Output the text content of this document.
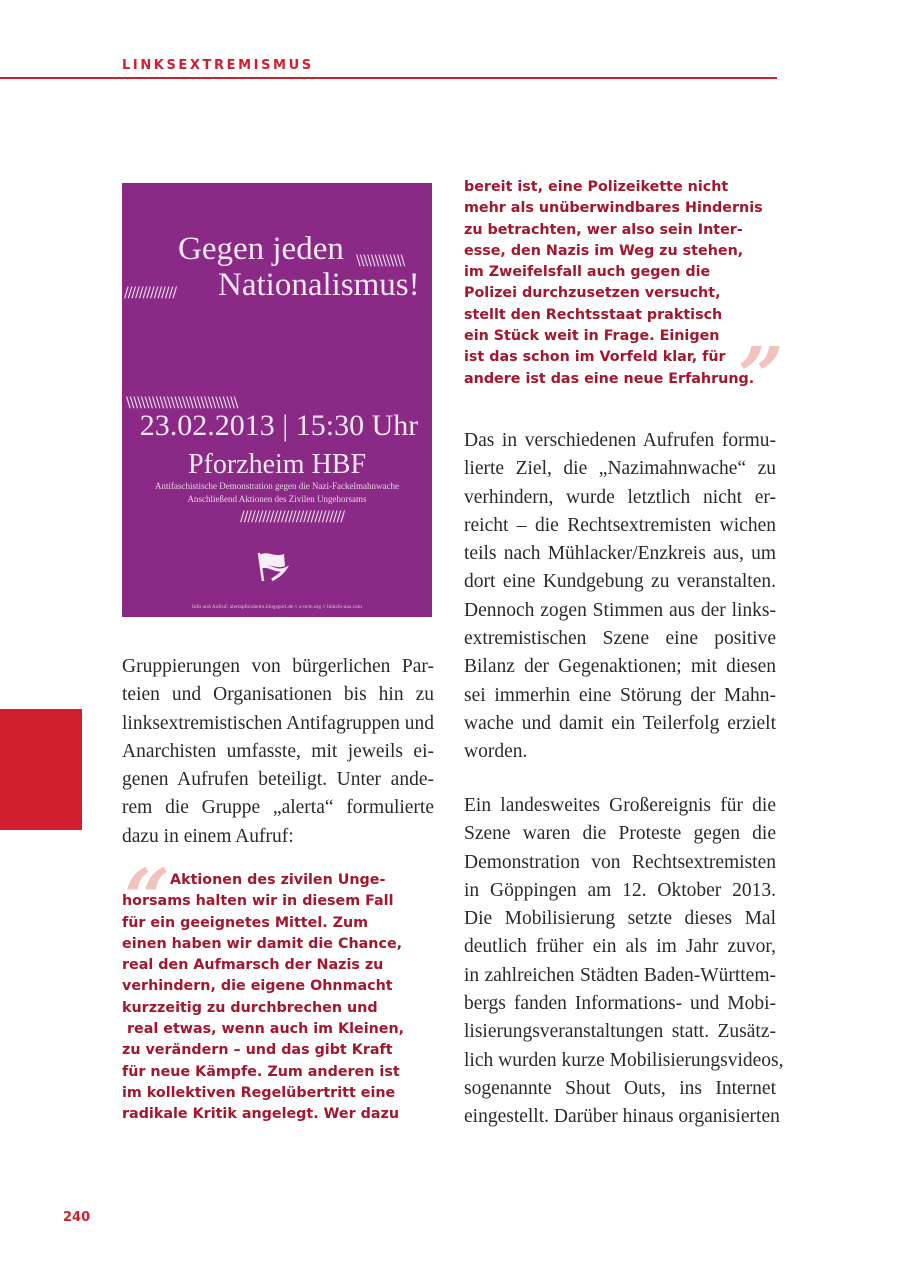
LINKSEXTREMISMUS
\\\\\\\\\\\\\
Gegen jeden
//////////////	Nationalismus!
\\\\\\\\\\\\\\\\\\\\\\\\\\\\\\
23.02.2013 | 15:30 Uhr
Pforzheim HBF
Antifaschistische Demonstration gegen die Nazi-Fackelmahnwache
Anschließend Aktionen des Zivilen Ungehorsams
////////////////////////////
Info und Aufruf: alertapforzheim.blogsport.de // a-ncle.org // linksfo-aus.com
Gruppierungen von bürgerlichen Par-
teien und Organisationen bis hin zu
linksextremistischen Antifagruppen und
Anarchisten umfasste, mit jeweils ei-
genen Aufrufen beteiligt. Unter ande-
rem die Gruppe „alerta“ formulierte
dazu in einem Aufruf:
“ Aktionen des zivilen Unge-
horsams halten wir in diesem Fall
für ein geeignetes Mittel. Zum
einen haben wir damit die Chance,
real den Aufmarsch der Nazis zu
verhindern, die eigene Ohnmacht
kurzzeitig zu durchbrechen und
real etwas, wenn auch im Kleinen,
zu verändern – und das gibt Kraft
für neue Kämpfe. Zum anderen ist
im kollektiven Regelübertritt eine
radikale Kritik angelegt. Wer dazu
bereit ist, eine Polizeikette nicht
mehr als unüberwindbares Hindernis
zu betrachten, wer also sein Inter-
esse, den Nazis im Weg zu stehen,
im Zweifelsfall auch gegen die
Polizei durchzusetzen versucht,
stellt den Rechtsstaat praktisch
ein Stück weit in Frage. Einigen
ist das schon im Vorfeld klar, für
andere ist das eine neue Erfahrung.
”
Das in verschiedenen Aufrufen formu-
lierte Ziel, die „Nazimahnwache“ zu
verhindern, wurde letztlich nicht er-
reicht – die Rechtsextremisten wichen
teils nach Mühlacker/Enzkreis aus, um
dort eine Kundgebung zu veranstalten.
Dennoch zogen Stimmen aus der links-
extremistischen Szene eine positive
Bilanz der Gegenaktionen; mit diesen
sei immerhin eine Störung der Mahn-
wache und damit ein Teilerfolg erzielt
worden.
Ein landesweites Großereignis für die
Szene waren die Proteste gegen die
Demonstration von Rechtsextremisten
in Göppingen am 12. Oktober 2013.
Die Mobilisierung setzte dieses Mal
deutlich früher ein als im Jahr zuvor,
in zahlreichen Städten Baden-Württem-
bergs fanden Informations- und Mobi-
lisierungsveranstaltungen statt. Zusätz-
lich wurden kurze Mobilisierungsvideos,
sogenannte Shout Outs, ins Internet
eingestellt. Darüber hinaus organisierten
240
